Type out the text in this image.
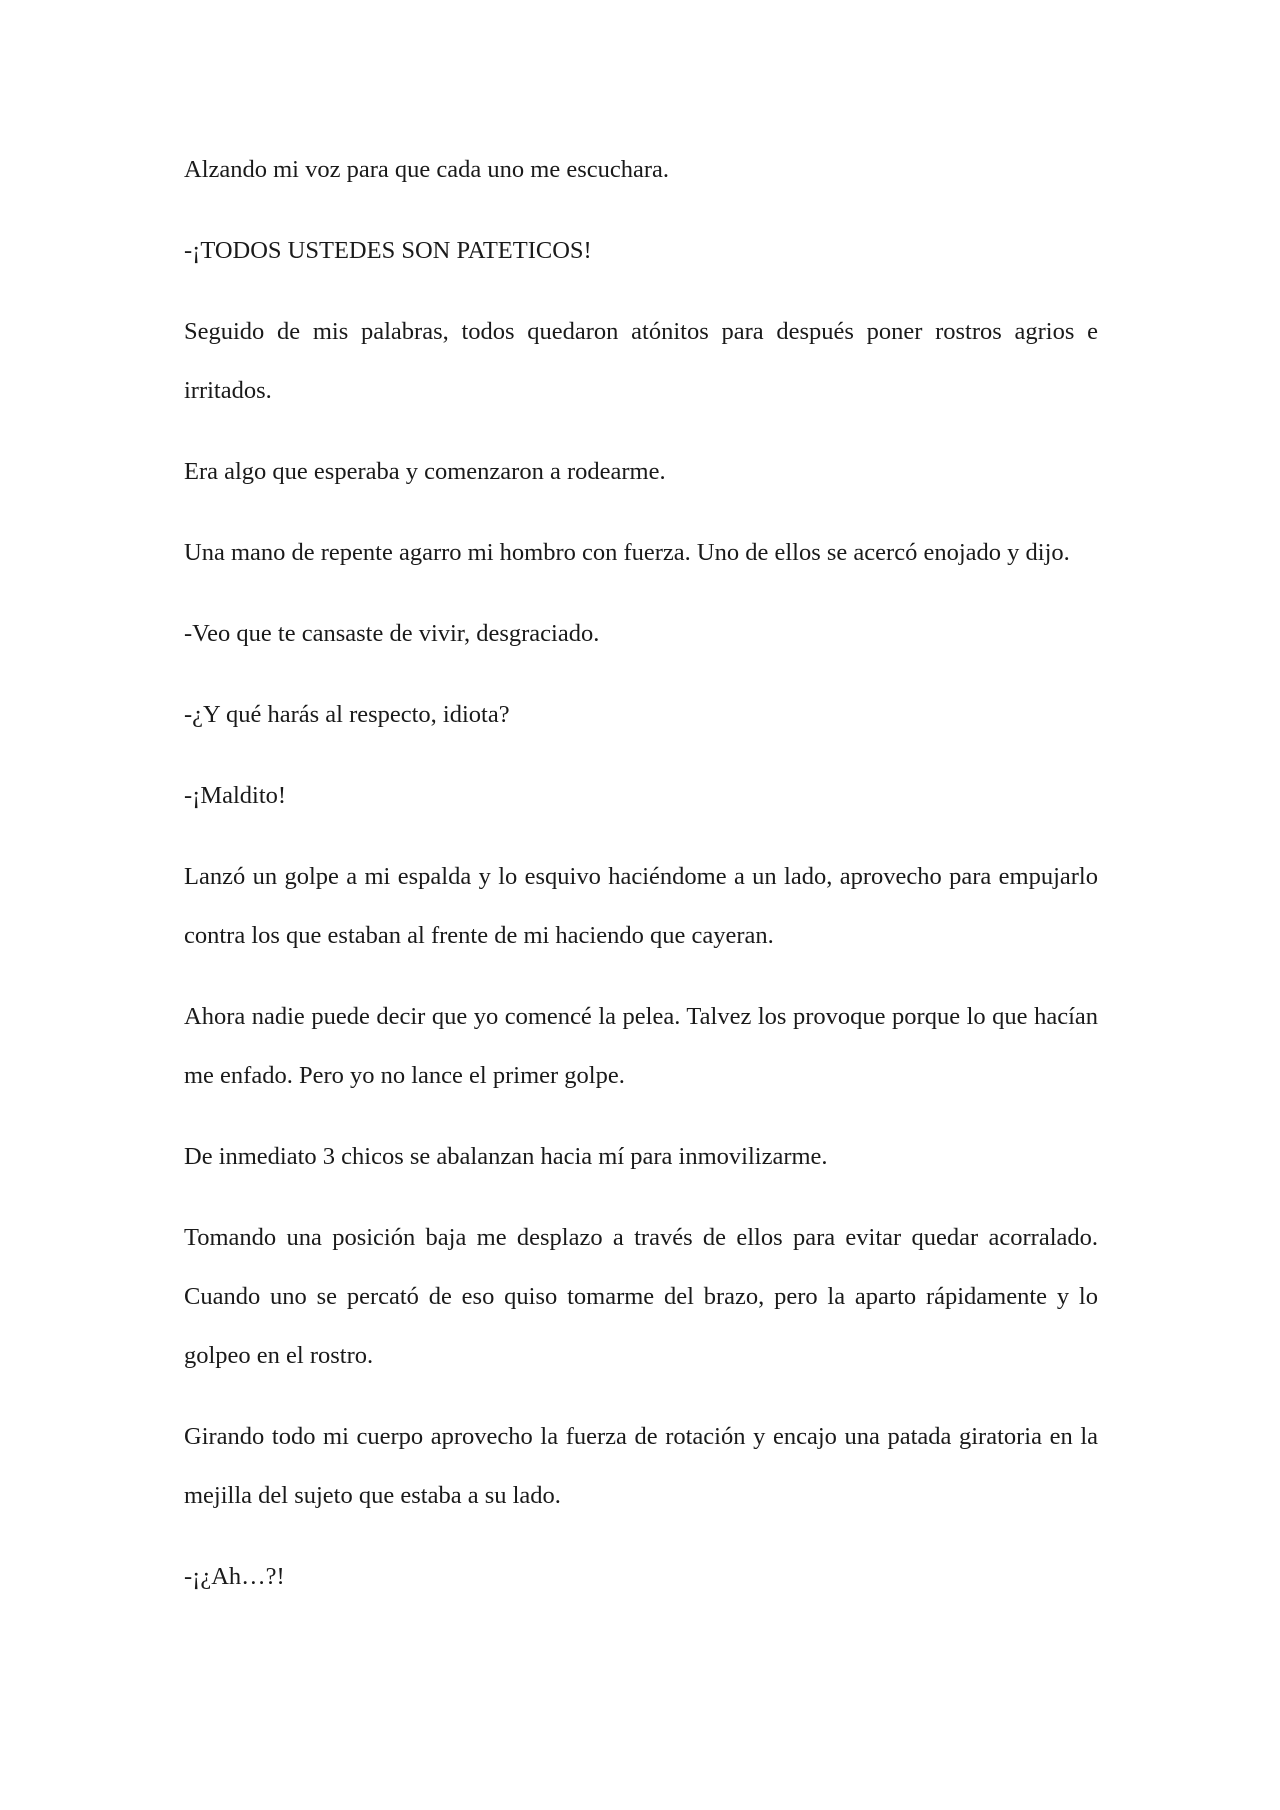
Alzando mi voz para que cada uno me escuchara.

-¡TODOS USTEDES SON PATETICOS!

Seguido de mis palabras, todos quedaron atónitos para después poner rostros agrios e irritados.

Era algo que esperaba y comenzaron a rodearme.

Una mano de repente agarro mi hombro con fuerza. Uno de ellos se acercó enojado y dijo.

-Veo que te cansaste de vivir, desgraciado.

-¿Y qué harás al respecto, idiota?

-¡Maldito!

Lanzó un golpe a mi espalda y lo esquivo haciéndome a un lado, aprovecho para empujarlo contra los que estaban al frente de mi haciendo que cayeran.

Ahora nadie puede decir que yo comencé la pelea. Talvez los provoque porque lo que hacían me enfado. Pero yo no lance el primer golpe.

De inmediato 3 chicos se abalanzan hacia mí para inmovilizarme.

Tomando una posición baja me desplazo a través de ellos para evitar quedar acorralado. Cuando uno se percató de eso quiso tomarme del brazo, pero la aparto rápidamente y lo golpeo en el rostro.

Girando todo mi cuerpo aprovecho la fuerza de rotación y encajo una patada giratoria en la mejilla del sujeto que estaba a su lado.

-¡¿Ah…?!
